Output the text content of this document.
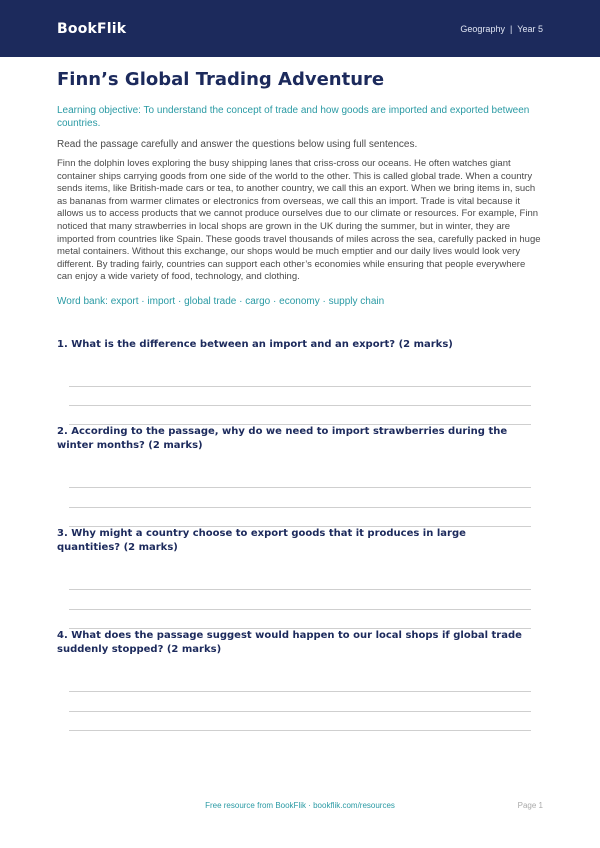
BookFlik	Geography | Year 5
Finn’s Global Trading Adventure

Learning objective: To understand the concept of trade and how goods are imported and exported between countries.

Read the passage carefully and answer the questions below using full sentences.

Finn the dolphin loves exploring the busy shipping lanes that criss-cross our oceans. He often watches giant container ships carrying goods from one side of the world to the other. This is called global trade. When a country sends items, like British-made cars or tea, to another country, we call this an export. When we bring items in, such as bananas from warmer climates or electronics from overseas, we call this an import. Trade is vital because it allows us to access products that we cannot produce ourselves due to our climate or resources. For example, Finn noticed that many strawberries in local shops are grown in the UK during the summer, but in winter, they are imported from countries like Spain. These goods travel thousands of miles across the sea, carefully packed in huge metal containers. Without this exchange, our shops would be much emptier and our daily lives would look very different. By trading fairly, countries can support each other’s economies while ensuring that people everywhere can enjoy a wide variety of food, technology, and clothing.

Word bank: export · import · global trade · cargo · economy · supply chain

1. What is the difference between an import and an export? (2 marks)
2. According to the passage, why do we need to import strawberries during the winter months? (2 marks)
3. Why might a country choose to export goods that it produces in large quantities? (2 marks)
4. What does the passage suggest would happen to our local shops if global trade suddenly stopped? (2 marks)
Free resource from BookFlik · bookflik.com/resources	Page 1
